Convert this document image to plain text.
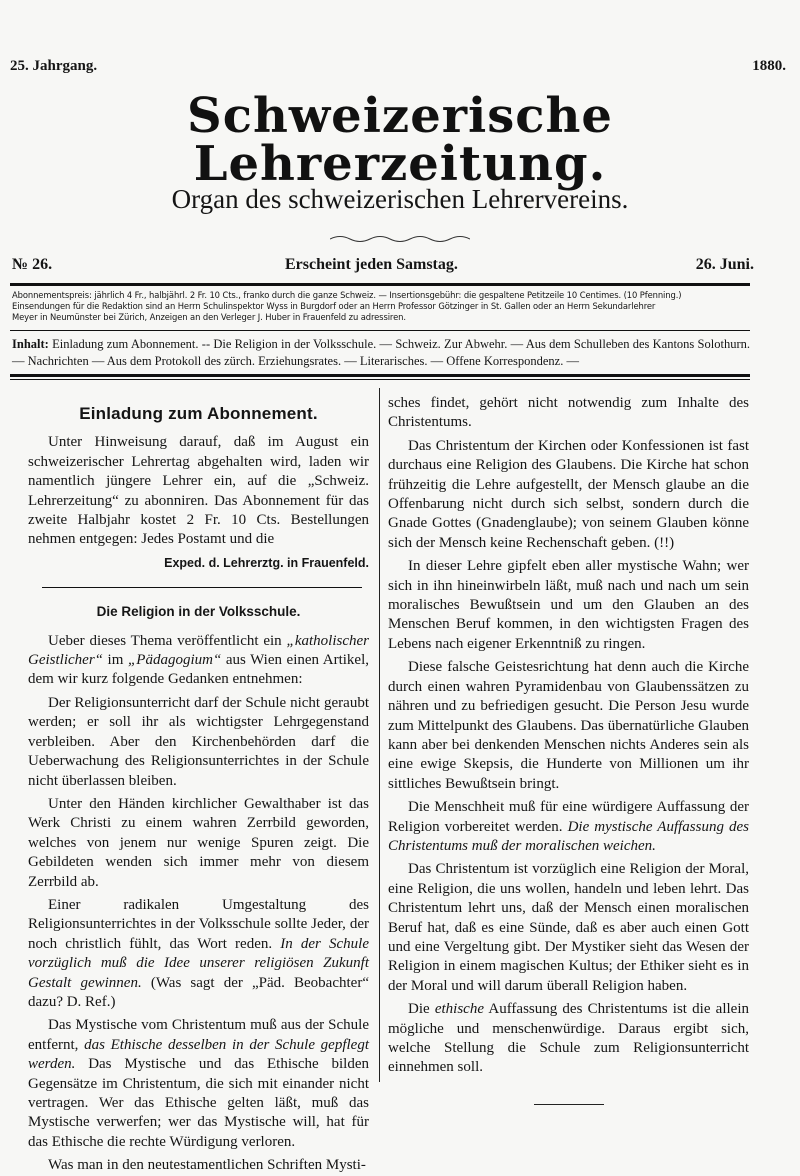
25. Jahrgang.	1880.
Schweizerische Lehrerzeitung.
Organ des schweizerischen Lehrervereins.
№ 26.	Erscheint jeden Samstag.	26. Juni.

Abonnementspreis: jährlich 4 Fr., halbjährl. 2 Fr. 10 Cts., franko durch die ganze Schweiz. — Insertionsgebühr: die gespaltene Petitzeile 10 Centimes. (10 Pfenning.)

Einsendungen für die Redaktion sind an Herrn Schulinspektor Wyss in Burgdorf oder an Herrn Professor Götzinger in St. Gallen oder an Herrn Sekundarlehrer

Meyer in Neumünster bei Zürich, Anzeigen an den Verleger J. Huber in Frauenfeld zu adressiren.

Inhalt: Einladung zum Abonnement. -- Die Religion in der Volksschule. — Schweiz. Zur Abwehr. — Aus dem Schulleben des Kantons Solothurn. — Nachrichten — Aus dem Protokoll des zürch. Erziehungsrates. — Literarisches. — Offene Korrespondenz. —

Einladung zum Abonnement.

Unter Hinweisung darauf, daß im August ein schweizerischer Lehrertag abgehalten wird, laden wir namentlich jüngere Lehrer ein, auf die „Schweiz. Lehrerzeitung“ zu abonniren. Das Abonnement für das zweite Halbjahr kostet 2 Fr. 10 Cts. Bestellungen nehmen entgegen: Jedes Postamt und die

Exped. d. Lehrerztg. in Frauenfeld.
Die Religion in der Volksschule.

Ueber dieses Thema veröffentlicht ein „katholischer Geistlicher“ im „Pädagogium“ aus Wien einen Artikel, dem wir kurz folgende Gedanken entnehmen:

Der Religionsunterricht darf der Schule nicht geraubt werden; er soll ihr als wichtigster Lehrgegenstand verbleiben. Aber den Kirchenbehörden darf die Ueberwachung des Religionsunterrichtes in der Schule nicht überlassen bleiben.

Unter den Händen kirchlicher Gewalthaber ist das Werk Christi zu einem wahren Zerrbild geworden, welches von jenem nur wenige Spuren zeigt. Die Gebildeten wenden sich immer mehr von diesem Zerrbild ab.

Einer radikalen Umgestaltung des Religionsunterrichtes in der Volksschule sollte Jeder, der noch christlich fühlt, das Wort reden. In der Schule vorzüglich muß die Idee unserer religiösen Zukunft Gestalt gewinnen. (Was sagt der „Päd. Beobachter“ dazu? D. Ref.)

Das Mystische vom Christentum muß aus der Schule entfernt, das Ethische desselben in der Schule gepflegt werden. Das Mystische und das Ethische bilden Gegensätze im Christentum, die sich mit einander nicht vertragen. Wer das Ethische gelten läßt, muß das Mystische verwerfen; wer das Mystische will, hat für das Ethische die rechte Würdigung verloren.

Was man in den neutestamentlichen Schriften Mysti-

sches findet, gehört nicht notwendig zum Inhalte des Christentums.

Das Christentum der Kirchen oder Konfessionen ist fast durchaus eine Religion des Glaubens. Die Kirche hat schon frühzeitig die Lehre aufgestellt, der Mensch glaube an die Offenbarung nicht durch sich selbst, sondern durch die Gnade Gottes (Gnadenglaube); von seinem Glauben könne sich der Mensch keine Rechenschaft geben. (!!)

In dieser Lehre gipfelt eben aller mystische Wahn; wer sich in ihn hineinwirbeln läßt, muß nach und nach um sein moralisches Bewußtsein und um den Glauben an des Menschen Beruf kommen, in den wichtigsten Fragen des Lebens nach eigener Erkenntniß zu ringen.

Diese falsche Geistesrichtung hat denn auch die Kirche durch einen wahren Pyramidenbau von Glaubenssätzen zu nähren und zu befriedigen gesucht. Die Person Jesu wurde zum Mittelpunkt des Glaubens. Das übernatürliche Glauben kann aber bei denkenden Menschen nichts Anderes sein als eine ewige Skepsis, die Hunderte von Millionen um ihr sittliches Bewußtsein bringt.

Die Menschheit muß für eine würdigere Auffassung der Religion vorbereitet werden. Die mystische Auffassung des Christentums muß der moralischen weichen.

Das Christentum ist vorzüglich eine Religion der Moral, eine Religion, die uns wollen, handeln und leben lehrt. Das Christentum lehrt uns, daß der Mensch einen moralischen Beruf hat, daß es eine Sünde, daß es aber auch einen Gott und eine Vergeltung gibt. Der Mystiker sieht das Wesen der Religion in einem magischen Kultus; der Ethiker sieht es in der Moral und will darum überall Religion haben.

Die ethische Auffassung des Christentums ist die allein mögliche und menschenwürdige. Daraus ergibt sich, welche Stellung die Schule zum Religionsunterricht einnehmen soll.
